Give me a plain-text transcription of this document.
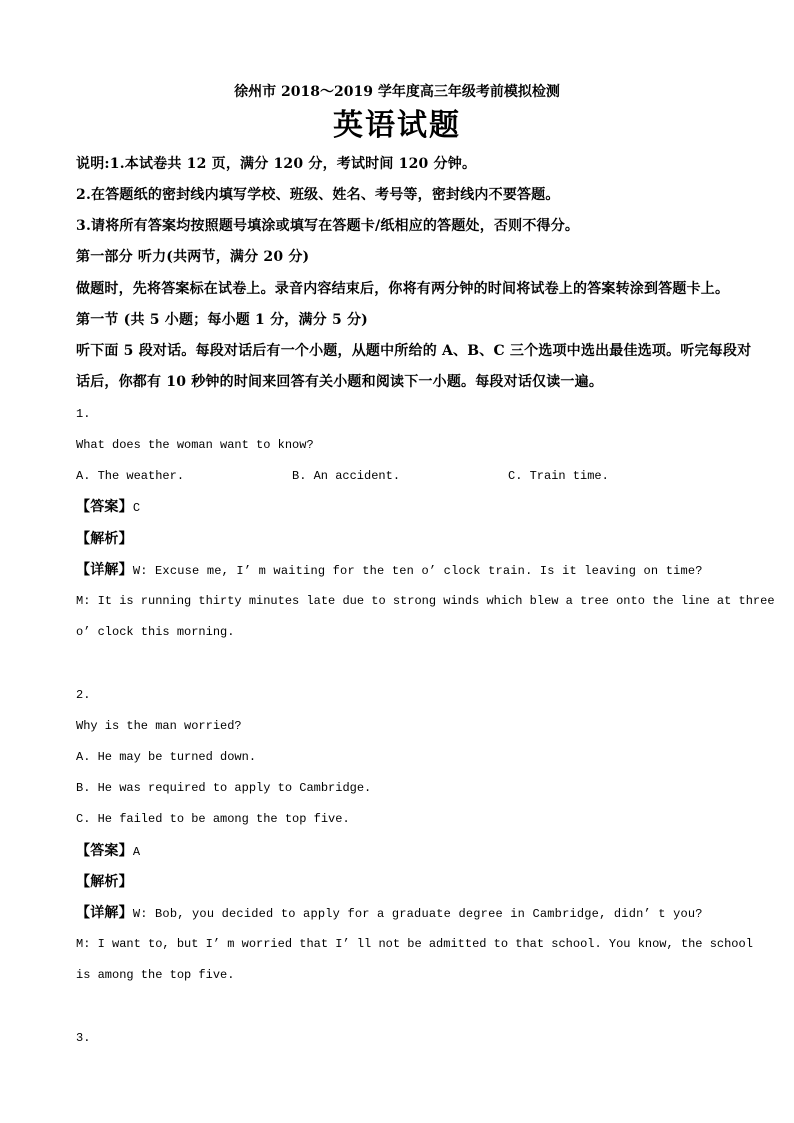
徐州市 2018～2019 学年度高三年级考前模拟检测
英语试题
说明:1.本试卷共 12 页，满分 120 分，考试时间 120 分钟。
2.在答题纸的密封线内填写学校、班级、姓名、考号等，密封线内不要答题。
3.请将所有答案均按照题号填涂或填写在答题卡/纸相应的答题处，否则不得分。
第一部分 听力(共两节，满分 20 分)
做题时，先将答案标在试卷上。录音内容结束后，你将有两分钟的时间将试卷上的答案转涂到答题卡上。
第一节 (共 5 小题；每小题 1 分，满分 5 分)
听下面 5 段对话。每段对话后有一个小题，从题中所给的 A、B、C 三个选项中选出最佳选项。听完每段对
话后，你都有 10 秒钟的时间来回答有关小题和阅读下一小题。每段对话仅读一遍。
1.
What does the woman want to know?
A. The weather.	B. An accident.	C. Train time.
【答案】C
【解析】
【详解】W: Excuse me, I’ m waiting for the ten o’ clock train. Is it leaving on time?
M: It is running thirty minutes late due to strong winds which blew a tree onto the line at three
o’ clock this morning.
2.
Why is the man worried?
A. He may be turned down.
B. He was required to apply to Cambridge.
C. He failed to be among the top five.
【答案】A
【解析】
【详解】W: Bob, you decided to apply for a graduate degree in Cambridge, didn’ t you?
M: I want to, but I’ m worried that I’ ll not be admitted to that school. You know, the school
is among the top five.
3.
